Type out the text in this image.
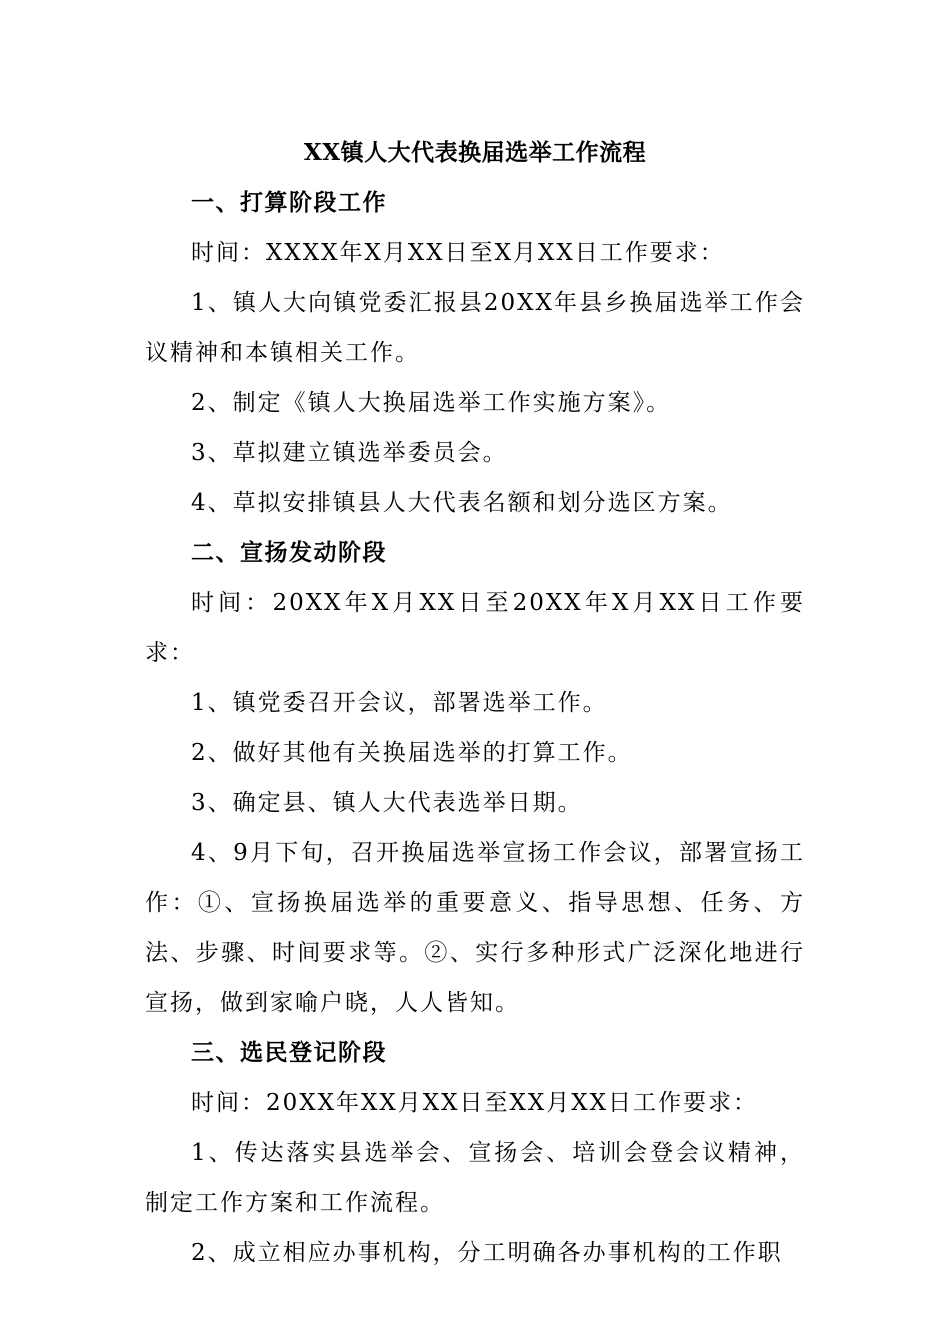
XX镇人大代表换届选举工作流程

一、打算阶段工作

时间：XXXX年X月XX日至X月XX日工作要求：

1、镇人大向镇党委汇报县20XX年县乡换届选举工作会议精神和本镇相关工作。

2、制定《镇人大换届选举工作实施方案》。

3、草拟建立镇选举委员会。

4、草拟安排镇县人大代表名额和划分选区方案。

二、宣扬发动阶段

时间：20XX年X月XX日至20XX年X月XX日工作要求：

1、镇党委召开会议，部署选举工作。

2、做好其他有关换届选举的打算工作。

3、确定县、镇人大代表选举日期。

4、9月下旬，召开换届选举宣扬工作会议，部署宣扬工作：①、宣扬换届选举的重要意义、指导思想、任务、方法、步骤、时间要求等。②、实行多种形式广泛深化地进行宣扬，做到家喻户晓，人人皆知。

三、选民登记阶段

时间：20XX年XX月XX日至XX月XX日工作要求：

1、传达落实县选举会、宣扬会、培训会登会议精神，制定工作方案和工作流程。

2、成立相应办事机构，分工明确各办事机构的工作职
